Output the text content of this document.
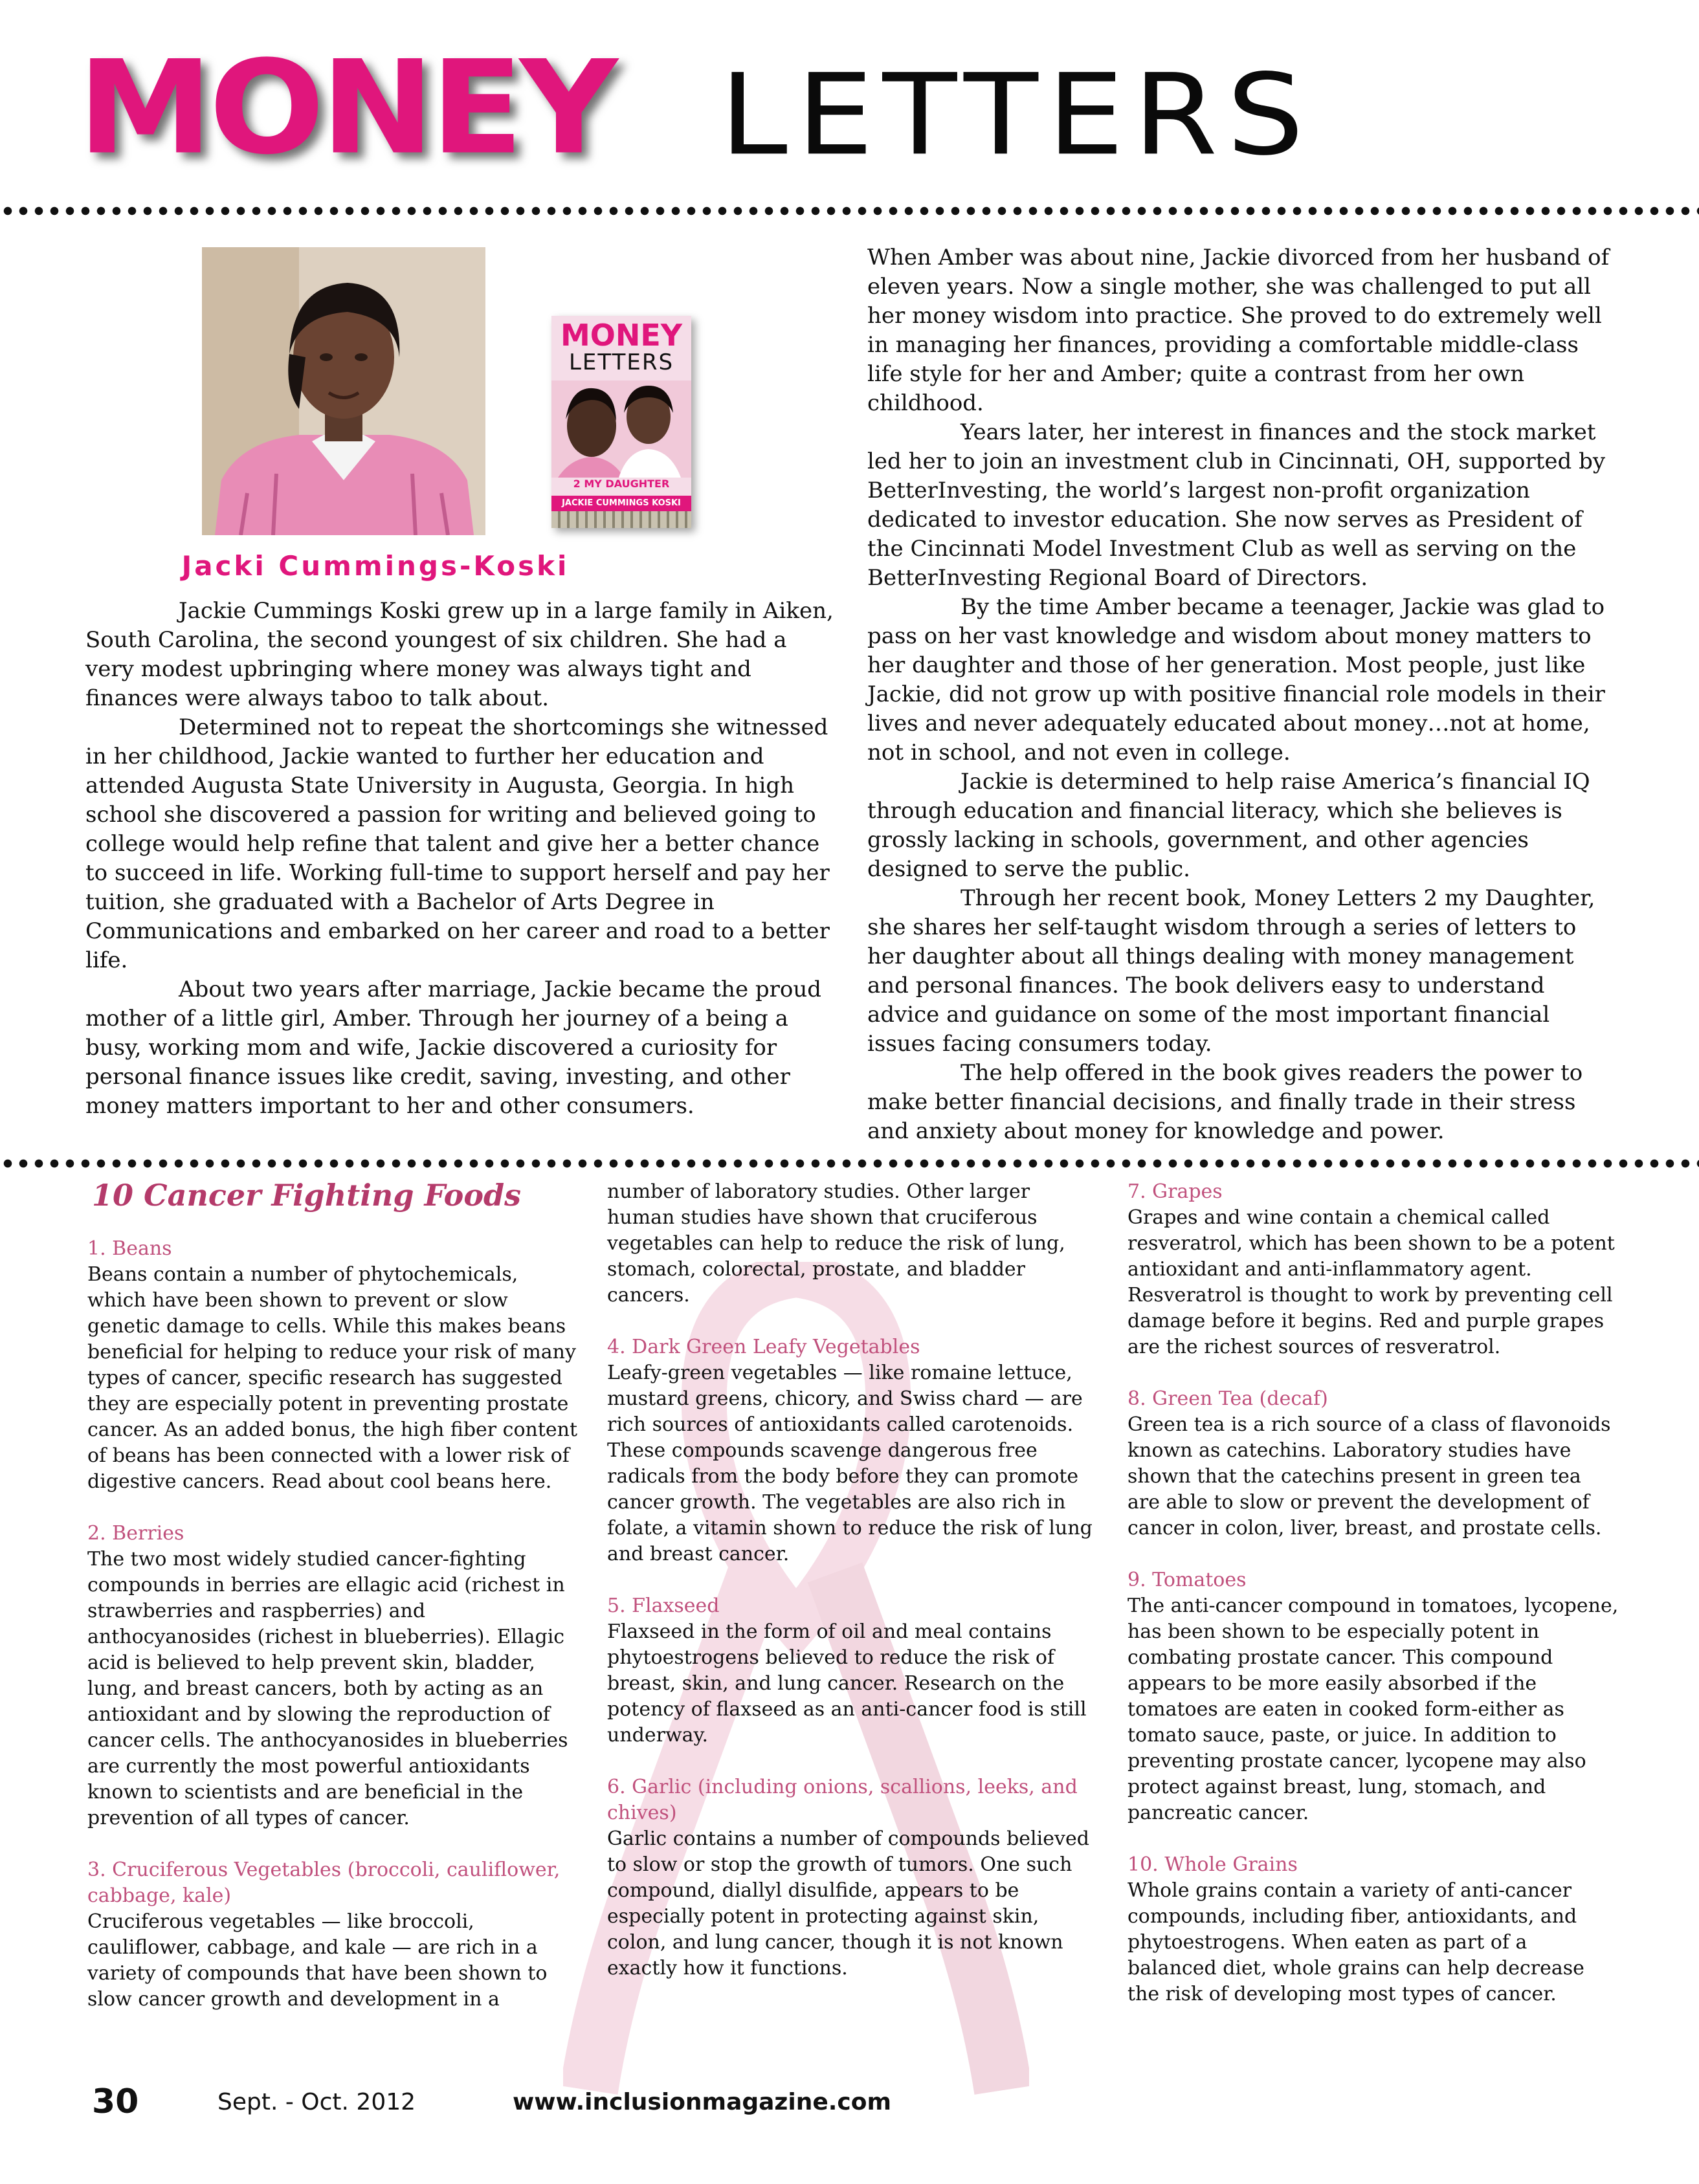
MONEY LETTERS
MONEY
LETTERS
2 MY DAUGHTER
JACKIE CUMMINGS KOSKI
Jacki Cummings-Koski

Jackie Cummings Koski grew up in a large family in Aiken, South Carolina, the second youngest of six children. She had a very modest upbringing where money was always tight and finances were always taboo to talk about.

Determined not to repeat the shortcomings she witnessed in her childhood, Jackie wanted to further her education and attended Augusta State University in Augusta, Georgia. In high school she discovered a passion for writing and believed going to college would help refine that talent and give her a better chance to succeed in life. Working full-time to support herself and pay her tuition, she graduated with a Bachelor of Arts Degree in Communications and embarked on her career and road to a better life.

About two years after marriage, Jackie became the proud mother of a little girl, Amber. Through her journey of a being a busy, working mom and wife, Jackie discovered a curiosity for personal finance issues like credit, saving, investing, and other money matters important to her and other consumers.

When Amber was about nine, Jackie divorced from her husband of eleven years. Now a single mother, she was challenged to put all her money wisdom into practice. She proved to do extremely well in managing her finances, providing a comfortable middle-class life style for her and Amber; quite a contrast from her own childhood.

Years later, her interest in finances and the stock market led her to join an investment club in Cincinnati, OH, supported by BetterInvesting, the world’s largest non-profit organization dedicated to investor education. She now serves as President of the Cincinnati Model Investment Club as well as serving on the BetterInvesting Regional Board of Directors.

By the time Amber became a teenager, Jackie was glad to pass on her vast knowledge and wisdom about money matters to her daughter and those of her generation. Most people, just like Jackie, did not grow up with positive financial role models in their lives and never adequately educated about money…not at home, not in school, and not even in college.

Jackie is determined to help raise America’s financial IQ through education and financial literacy, which she believes is grossly lacking in schools, government, and other agencies designed to serve the public.

Through her recent book, Money Letters 2 my Daughter, she shares her self-taught wisdom through a series of letters to her daughter about all things dealing with money management and personal finances. The book delivers easy to understand advice and guidance on some of the most important financial issues facing consumers today.

The help offered in the book gives readers the power to make better financial decisions, and finally trade in their stress and anxiety about money for knowledge and power.

10 Cancer Fighting Foods
1. Beans
Beans contain a number of phytochemicals, which have been shown to prevent or slow genetic damage to cells. While this makes beans beneficial for helping to reduce your risk of many types of cancer, specific research has suggested they are especially potent in preventing prostate cancer. As an added bonus, the high fiber content of beans has been connected with a lower risk of digestive cancers. Read about cool beans here.
2. Berries
The two most widely studied cancer-fighting compounds in berries are ellagic acid (richest in strawberries and raspberries) and anthocyanosides (richest in blueberries). Ellagic acid is believed to help prevent skin, bladder, lung, and breast cancers, both by acting as an antioxidant and by slowing the reproduction of cancer cells. The anthocyanosides in blueberries are currently the most powerful antioxidants known to scientists and are beneficial in the prevention of all types of cancer.
3. Cruciferous Vegetables (broccoli, cauliflower, cabbage, kale)
Cruciferous vegetables — like broccoli, cauliflower, cabbage, and kale — are rich in a variety of compounds that have been shown to slow cancer growth and development in a
number of laboratory studies. Other larger human studies have shown that cruciferous vegetables can help to reduce the risk of lung, stomach, colorectal, prostate, and bladder cancers.
4. Dark Green Leafy Vegetables
Leafy-green vegetables — like romaine lettuce, mustard greens, chicory, and Swiss chard — are rich sources of antioxidants called carotenoids. These compounds scavenge dangerous free radicals from the body before they can promote cancer growth. The vegetables are also rich in folate, a vitamin shown to reduce the risk of lung and breast cancer.
5. Flaxseed
Flaxseed in the form of oil and meal contains phytoestrogens believed to reduce the risk of breast, skin, and lung cancer. Research on the potency of flaxseed as an anti-cancer food is still underway.
6. Garlic (including onions, scallions, leeks, and chives)
Garlic contains a number of compounds believed to slow or stop the growth of tumors. One such compound, diallyl disulfide, appears to be especially potent in protecting against skin, colon, and lung cancer, though it is not known exactly how it functions.
7. Grapes
Grapes and wine contain a chemical called resveratrol, which has been shown to be a potent antioxidant and anti-inflammatory agent. Resveratrol is thought to work by preventing cell damage before it begins. Red and purple grapes are the richest sources of resveratrol.
8. Green Tea (decaf)
Green tea is a rich source of a class of flavonoids known as catechins. Laboratory studies have shown that the catechins present in green tea are able to slow or prevent the development of cancer in colon, liver, breast, and prostate cells.
9. Tomatoes
The anti-cancer compound in tomatoes, lycopene, has been shown to be especially potent in combating prostate cancer. This compound appears to be more easily absorbed if the tomatoes are eaten in cooked form-either as tomato sauce, paste, or juice. In addition to preventing prostate cancer, lycopene may also protect against breast, lung, stomach, and pancreatic cancer.
10. Whole Grains
Whole grains contain a variety of anti-cancer compounds, including fiber, antioxidants, and phytoestrogens. When eaten as part of a balanced diet, whole grains can help decrease the risk of developing most types of cancer.
30	Sept. - Oct. 2012	www.inclusionmagazine.com
